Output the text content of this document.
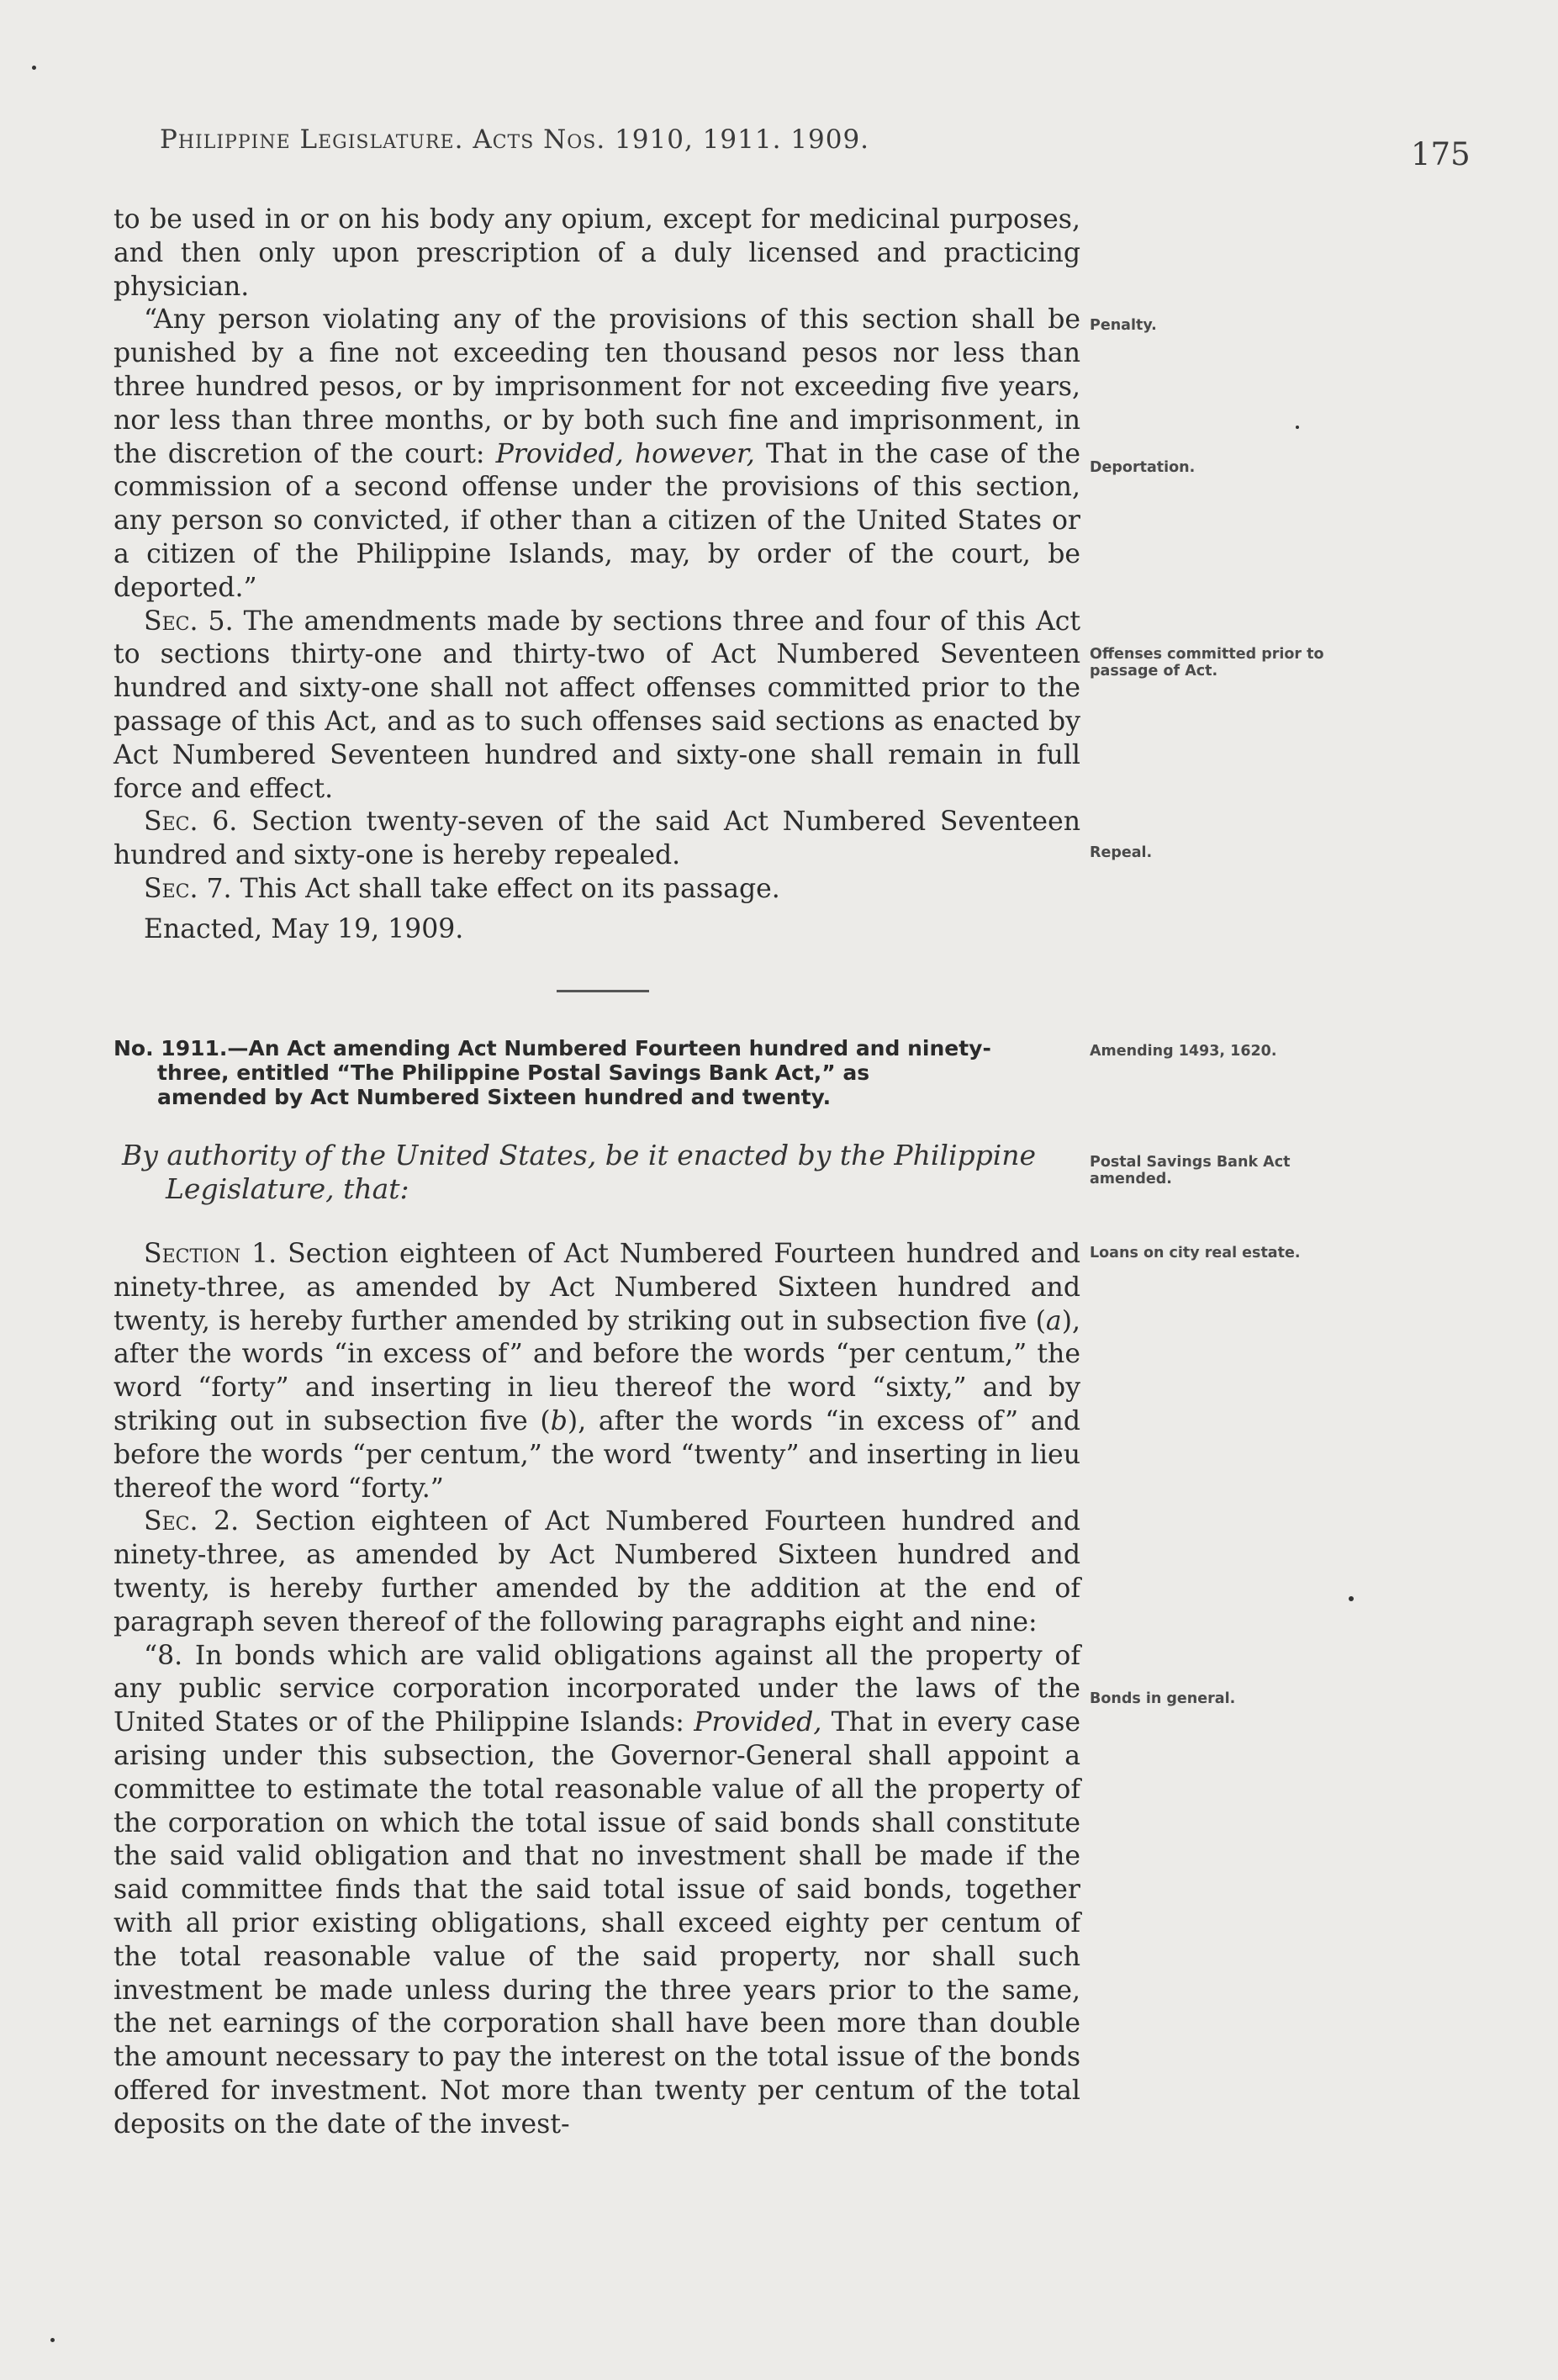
Philippine Legislature. Acts Nos. 1910, 1911. 1909.	175

to be used in or on his body any opium, except for medicinal purposes, and then only upon prescription of a duly licensed and practicing physician.

“Any person violating any of the provisions of this section shall be punished by a fine not exceeding ten thousand pesos nor less than three hundred pesos, or by imprisonment for not exceeding five years, nor less than three months, or by both such fine and imprisonment, in the discretion of the court: Provided, however, That in the case of the commission of a second offense under the provisions of this section, any person so convicted, if other than a citizen of the United States or a citizen of the Philippine Islands, may, by order of the court, be deported.”

Sec. 5. The amendments made by sections three and four of this Act to sections thirty-one and thirty-two of Act Numbered Seventeen hundred and sixty-one shall not affect offenses committed prior to the passage of this Act, and as to such offenses said sections as enacted by Act Numbered Seventeen hundred and sixty-one shall remain in full force and effect.

Sec. 6. Section twenty-seven of the said Act Numbered Seventeen hundred and sixty-one is hereby repealed.

Sec. 7. This Act shall take effect on its passage.

Enacted, May 19, 1909.

Penalty.
Deportation.
Offenses committed prior to passage of Act.
Repeal.
No. 1911.—An Act amending Act Numbered Fourteen hundred and ninety-
three, entitled “The Philippine Postal Savings Bank Act,” as
amended by Act Numbered Sixteen hundred and twenty.
Amending 1493, 1620.
By authority of the United States, be it enacted by the Philippine
Legislature, that:
Postal Savings Bank Act amended.

Section 1. Section eighteen of Act Numbered Fourteen hundred and ninety-three, as amended by Act Numbered Sixteen hundred and twenty, is hereby further amended by striking out in subsection five (a), after the words “in excess of” and before the words “per centum,” the word “forty” and inserting in lieu thereof the word “sixty,” and by striking out in subsection five (b), after the words “in excess of” and before the words “per centum,” the word “twenty” and inserting in lieu thereof the word “forty.”

Sec. 2. Section eighteen of Act Numbered Fourteen hundred and ninety-three, as amended by Act Numbered Sixteen hundred and twenty, is hereby further amended by the addition at the end of paragraph seven thereof of the following paragraphs eight and nine:

“8. In bonds which are valid obligations against all the property of any public service corporation incorporated under the laws of the United States or of the Philippine Islands: Provided, That in every case arising under this subsection, the Governor-General shall appoint a committee to estimate the total reasonable value of all the property of the corporation on which the total issue of said bonds shall constitute the said valid obligation and that no investment shall be made if the said committee finds that the said total issue of said bonds, together with all prior existing obligations, shall exceed eighty per centum of the total reasonable value of the said property, nor shall such investment be made unless during the three years prior to the same, the net earnings of the corporation shall have been more than double the amount necessary to pay the interest on the total issue of the bonds offered for investment. Not more than twenty per centum of the total deposits on the date of the invest-

Loans on city real estate.
Bonds in general.
